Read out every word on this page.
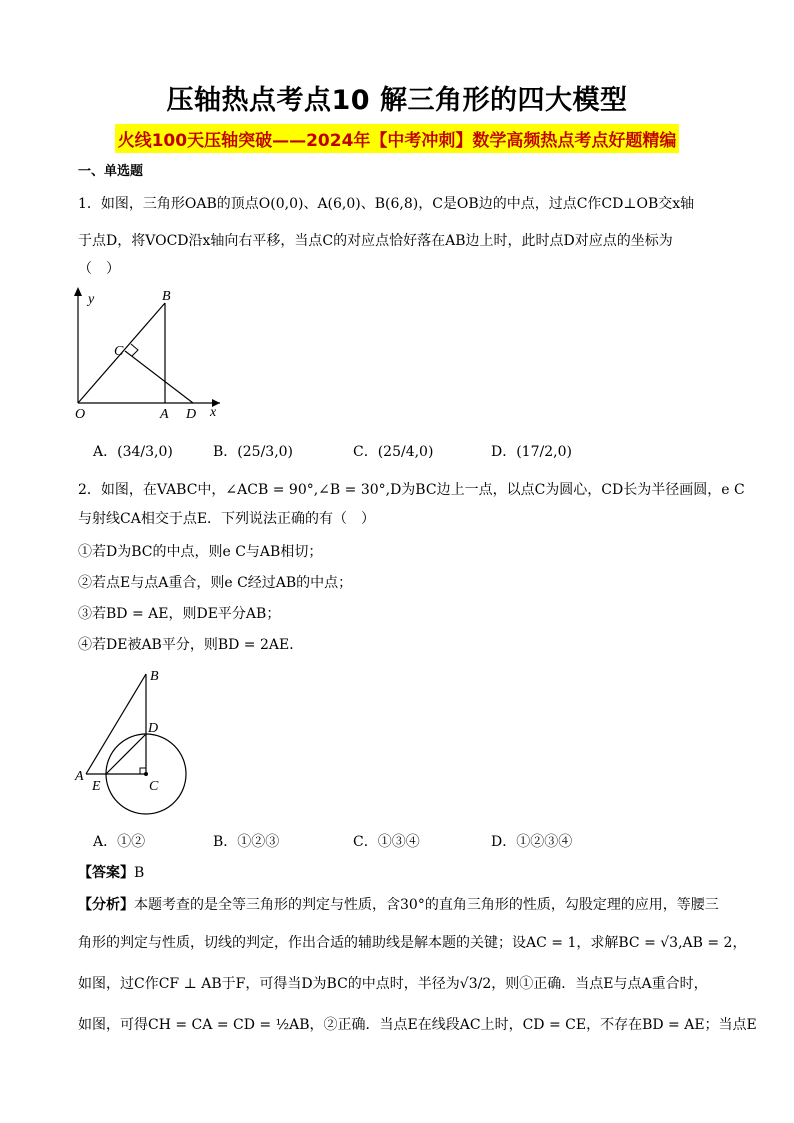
压轴热点考点10 解三角形的四大模型
火线100天压轴突破——2024年【中考冲刺】数学高频热点考点好题精编
一、单选题
1．如图，三角形OAB的顶点O(0,0)、A(6,0)、B(6,8)，C是OB边的中点，过点C作CD⊥OB交x轴
于点D，将VOCD沿x轴向右平移，当点C的对应点恰好落在AB边上时，此时点D对应点的坐标为
（　）
y	B
C
O	A D x
A．(34/3,0)	B．(25/3,0)	C．(25/4,0)	D．(17/2,0)
2．如图，在VABC中，∠ACB = 90°,∠B = 30°,D为BC边上一点，以点C为圆心，CD长为半径画圆，e C
与射线CA相交于点E．下列说法正确的有（　）
①若D为BC的中点，则e C与AB相切；
②若点E与点A重合，则e C经过AB的中点；
③若BD = AE，则DE平分AB；
④若DE被AB平分，则BD = 2AE．
B
D
A
E	C
A．①②	B．①②③	C．①③④	D．①②③④
【答案】B
【分析】本题考查的是全等三角形的判定与性质，含30°的直角三角形的性质，勾股定理的应用，等腰三
角形的判定与性质，切线的判定，作出合适的辅助线是解本题的关键；设AC = 1，求解BC = √3,AB = 2，
如图，过C作CF ⊥ AB于F，可得当D为BC的中点时，半径为√3/2，则①正确．当点E与点A重合时，
如图，可得CH = CA = CD = ½AB，②正确．当点E在线段AC上时，CD = CE，不存在BD = AE；当点E
